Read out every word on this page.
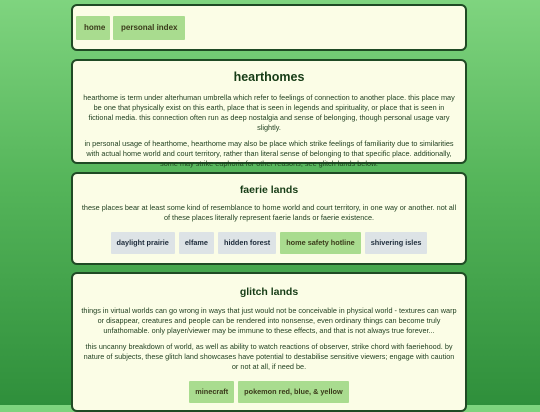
home	personal index
hearthomes

hearthome is term under alterhuman umbrella which refer to feelings of connection to another place. this place may be one that physically exist on this earth, place that is seen in legends and spirituality, or place that is seen in fictional media. this connection often run as deep nostalgia and sense of belonging, though personal usage vary slightly.

in personal usage of hearthome, hearthome may also be place which strike feelings of familiarity due to similarities with actual home world and court territory, rather than literal sense of belonging to that specific place. additionally, some may strike euphoria for other reasons; see glitch lands below.

faerie lands

these places bear at least some kind of resemblance to home world and court territory, in one way or another. not all of these places literally represent faerie lands or faerie existence.

daylight prairie elfame hidden forest home safety hotline shivering isles
glitch lands

things in virtual worlds can go wrong in ways that just would not be conceivable in physical world - textures can warp or disappear, creatures and people can be rendered into nonsense, even ordinary things can become truly unfathomable. only player/viewer may be immune to these effects, and that is not always true forever...

this uncanny breakdown of world, as well as ability to watch reactions of observer, strike chord with faeriehood. by nature of subjects, these glitch land showcases have potential to destabilise sensitive viewers; engage with caution or not at all, if need be.

minecraft pokemon red, blue, & yellow
